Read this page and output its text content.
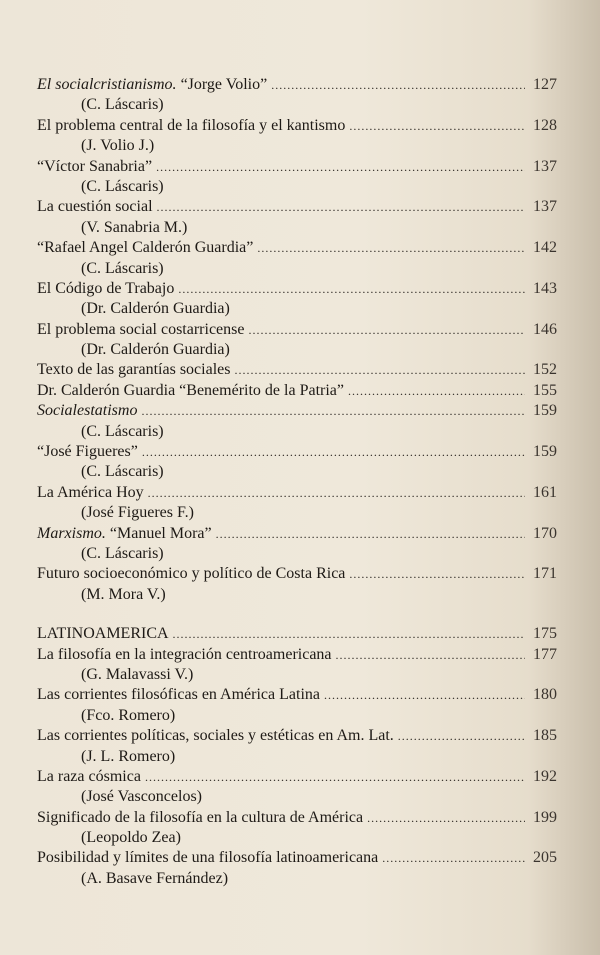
El socialcristianismo. “Jorge Volio” .....	127
(C. Láscaris)
El problema central de la filosofía y el kantismo .....	128
(J. Volio J.)
“Víctor Sanabria” .....	137
(C. Láscaris)
La cuestión social .....	137
(V. Sanabria M.)
“Rafael Angel Calderón Guardia” .....	142
(C. Láscaris)
El Código de Trabajo .....	143
(Dr. Calderón Guardia)
El problema social costarricense .....	146
(Dr. Calderón Guardia)
Texto de las garantías sociales .....	152
Dr. Calderón Guardia “Benemérito de la Patria” .....	155
Socialestatismo .....	159
(C. Láscaris)
“José Figueres” .....	159
(C. Láscaris)
La América Hoy .....	161
(José Figueres F.)
Marxismo. “Manuel Mora” .....	170
(C. Láscaris)
Futuro socioeconómico y político de Costa Rica .....	171
(M. Mora V.)
LATINOAMERICA .....	175
La filosofía en la integración centroamericana .....	177
(G. Malavassi V.)
Las corrientes filosóficas en América Latina .....	180
(Fco. Romero)
Las corrientes políticas, sociales y estéticas en Am. Lat. .....	185
(J. L. Romero)
La raza cósmica .....	192
(José Vasconcelos)
Significado de la filosofía en la cultura de América .....	199
(Leopoldo Zea)
Posibilidad y límites de una filosofía latinoamericana .....	205
(A. Basave Fernández)
